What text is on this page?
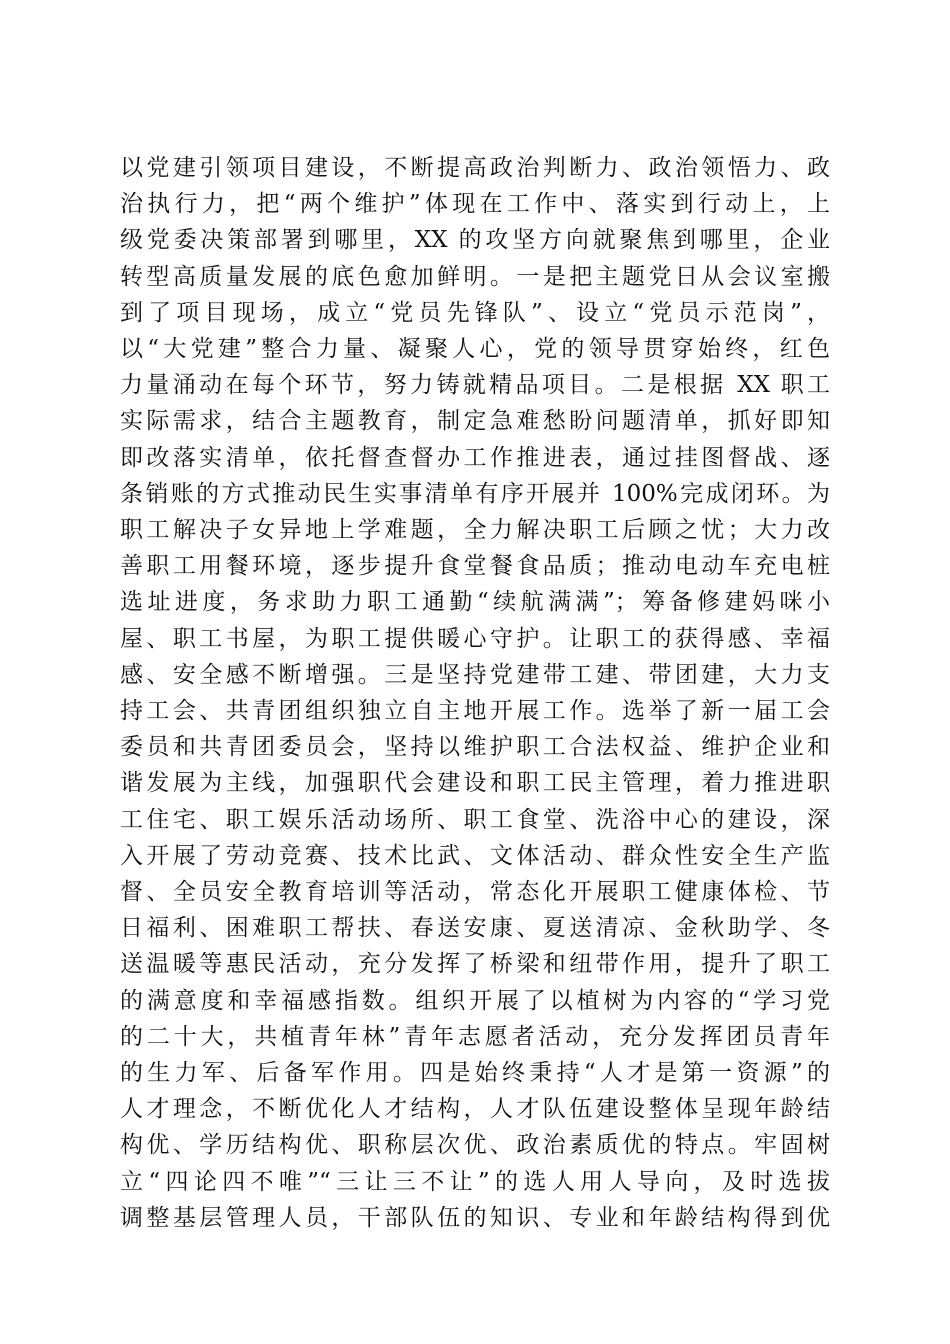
以党建引领项目建设，不断提高政治判断力、政治领悟力、政
治执行力，把“两个维护”体现在工作中、落实到行动上，上
级党委决策部署到哪里，XX 的攻坚方向就聚焦到哪里，企业
转型高质量发展的底色愈加鲜明。一是把主题党日从会议室搬
到了项目现场，成立“党员先锋队”、设立“党员示范岗”，
以“大党建”整合力量、凝聚人心，党的领导贯穿始终，红色
力量涌动在每个环节，努力铸就精品项目。二是根据 XX 职工
实际需求，结合主题教育，制定急难愁盼问题清单，抓好即知
即改落实清单，依托督查督办工作推进表，通过挂图督战、逐
条销账的方式推动民生实事清单有序开展并 100%完成闭环。为
职工解决子女异地上学难题，全力解决职工后顾之忧；大力改
善职工用餐环境，逐步提升食堂餐食品质；推动电动车充电桩
选址进度，务求助力职工通勤“续航满满”；筹备修建妈咪小
屋、职工书屋，为职工提供暖心守护。让职工的获得感、幸福
感、安全感不断增强。三是坚持党建带工建、带团建，大力支
持工会、共青团组织独立自主地开展工作。选举了新一届工会
委员和共青团委员会，坚持以维护职工合法权益、维护企业和
谐发展为主线，加强职代会建设和职工民主管理，着力推进职
工住宅、职工娱乐活动场所、职工食堂、洗浴中心的建设，深
入开展了劳动竞赛、技术比武、文体活动、群众性安全生产监
督、全员安全教育培训等活动，常态化开展职工健康体检、节
日福利、困难职工帮扶、春送安康、夏送清凉、金秋助学、冬
送温暖等惠民活动，充分发挥了桥梁和纽带作用，提升了职工
的满意度和幸福感指数。组织开展了以植树为内容的“学习党
的二十大，共植青年林”青年志愿者活动，充分发挥团员青年
的生力军、后备军作用。四是始终秉持“人才是第一资源”的
人才理念，不断优化人才结构，人才队伍建设整体呈现年龄结
构优、学历结构优、职称层次优、政治素质优的特点。牢固树
立“四论四不唯”“三让三不让”的选人用人导向，及时选拔
调整基层管理人员，干部队伍的知识、专业和年龄结构得到优
